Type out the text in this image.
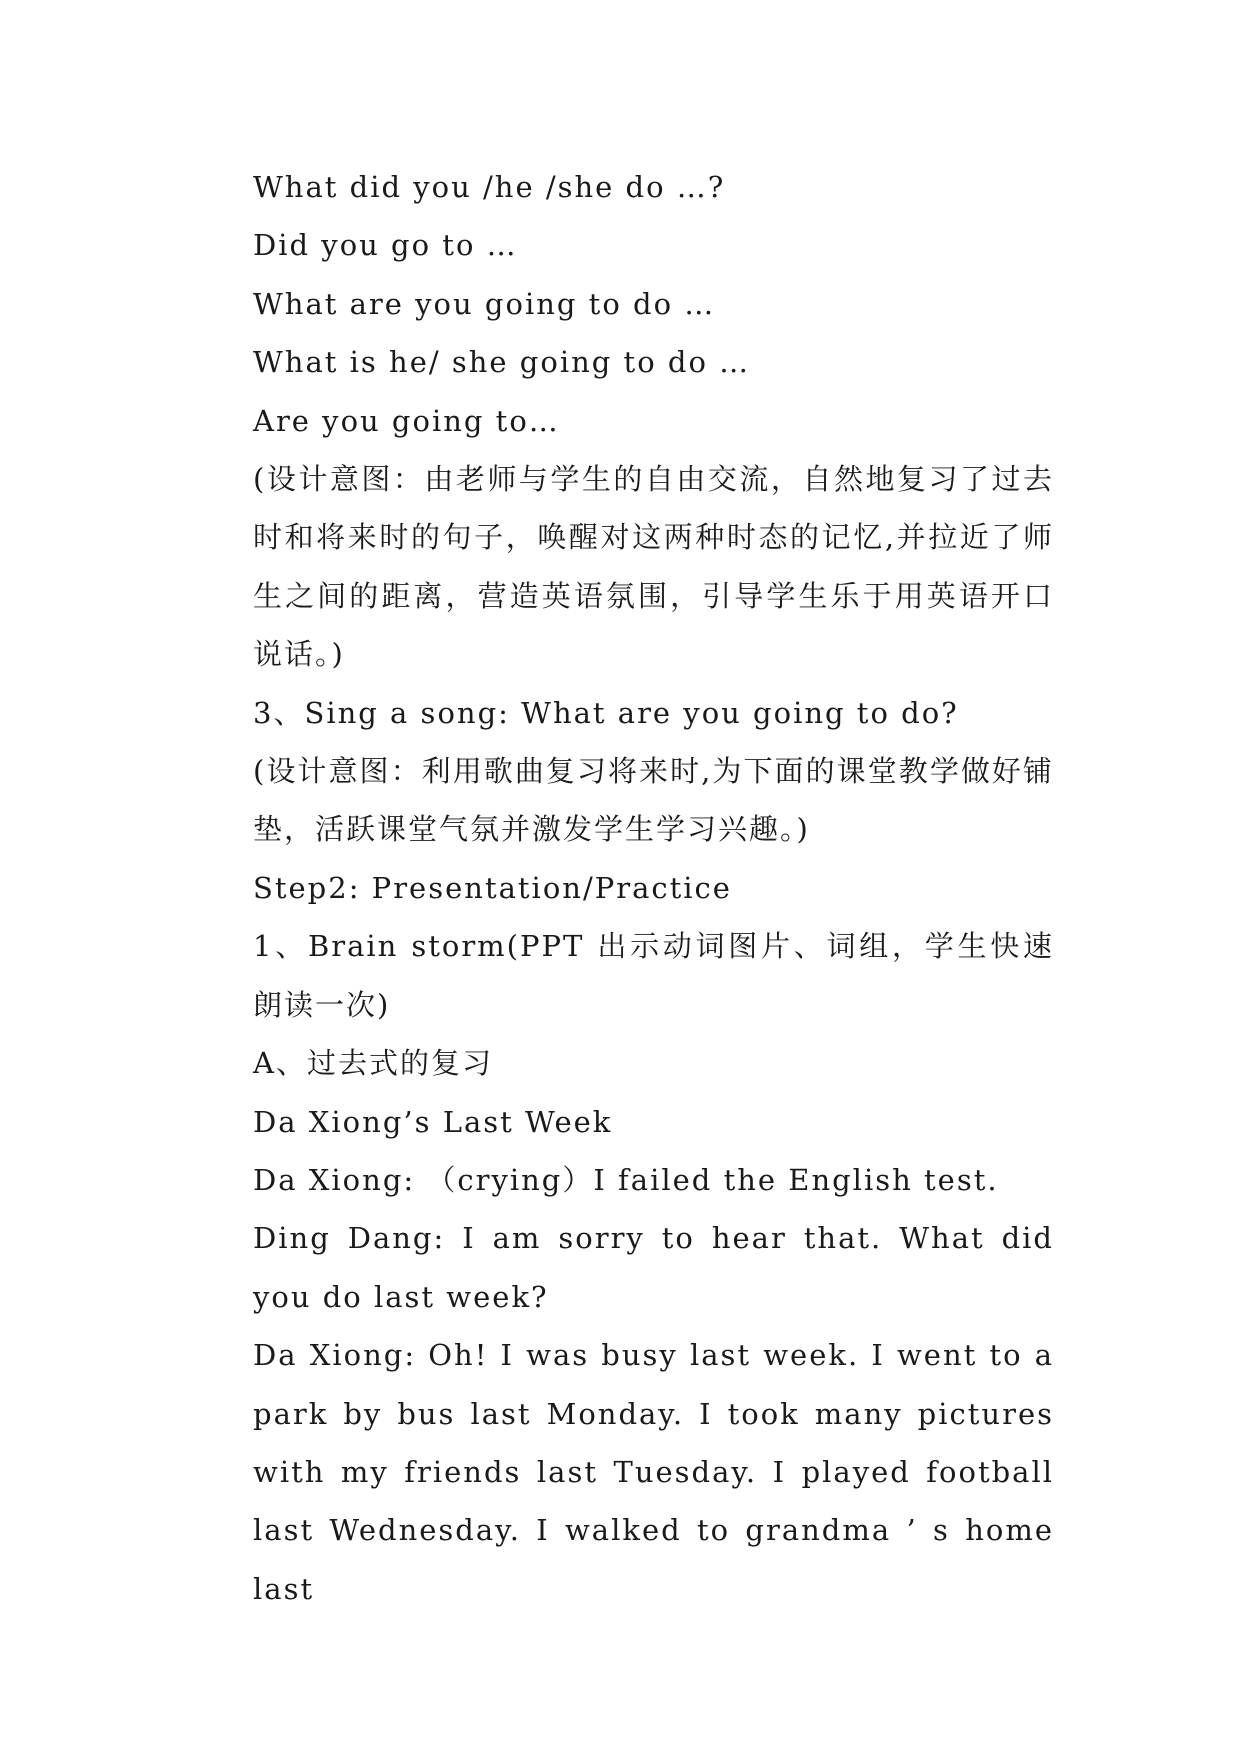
What did you /he /she do …?

Did you go to …

What are you going to do …

What is he/ she going to do …

Are you going to…

(设计意图：由老师与学生的自由交流，自然地复习了过去时和将来时的句子，唤醒对这两种时态的记忆,并拉近了师生之间的距离，营造英语氛围，引导学生乐于用英语开口说话。)

3、Sing a song: What are you going to do?

(设计意图：利用歌曲复习将来时,为下面的课堂教学做好铺垫，活跃课堂气氛并激发学生学习兴趣。)

Step2: Presentation/Practice

1、Brain storm(PPT 出示动词图片、词组，学生快速朗读一次)

A、过去式的复习

Da Xiong’s Last Week

Da Xiong: （crying）I failed the English test.

Ding Dang: I am sorry to hear that. What did you do last week?

Da Xiong: Oh! I was busy last week. I went to a park by bus last Monday. I took many pictures with my friends last Tuesday. I played football last Wednesday. I walked to grandma ’ s home last
